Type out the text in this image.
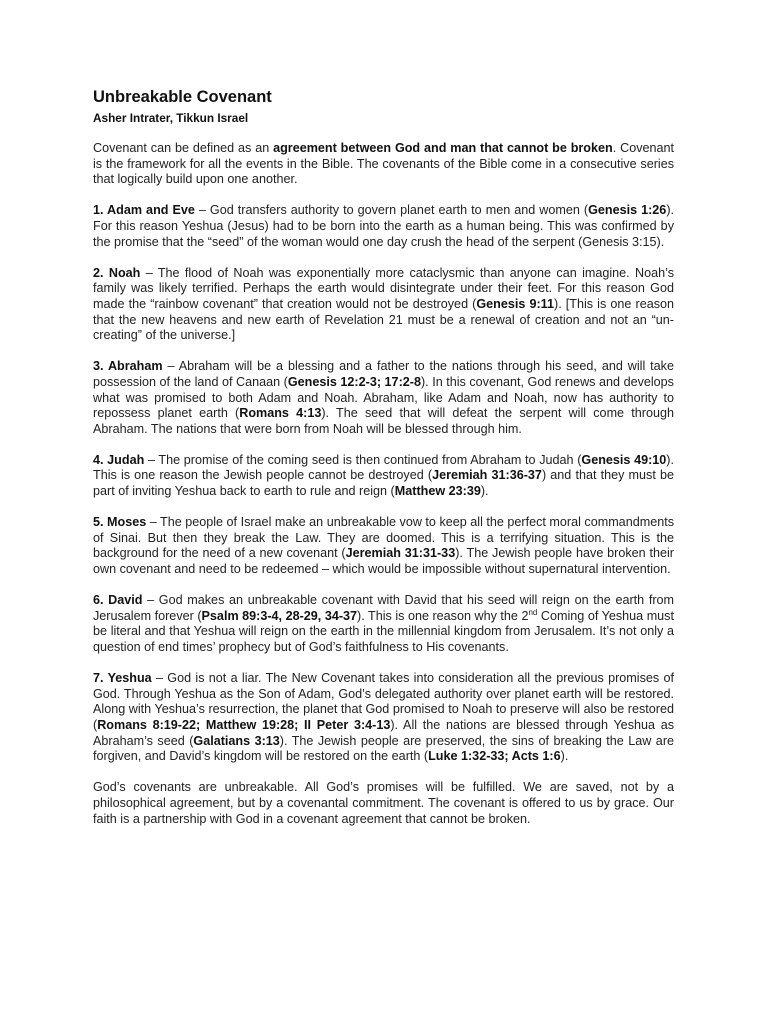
Unbreakable Covenant

Asher Intrater, Tikkun Israel

Covenant can be defined as an agreement between God and man that cannot be broken. Covenant is the framework for all the events in the Bible. The covenants of the Bible come in a consecutive series that logically build upon one another.

1. Adam and Eve – God transfers authority to govern planet earth to men and women (Genesis 1:26). For this reason Yeshua (Jesus) had to be born into the earth as a human being. This was confirmed by the promise that the “seed” of the woman would one day crush the head of the serpent (Genesis 3:15).

2. Noah – The flood of Noah was exponentially more cataclysmic than anyone can imagine. Noah’s family was likely terrified. Perhaps the earth would disintegrate under their feet. For this reason God made the “rainbow covenant” that creation would not be destroyed (Genesis 9:11). [This is one reason that the new heavens and new earth of Revelation 21 must be a renewal of creation and not an “un-creating” of the universe.]

3. Abraham – Abraham will be a blessing and a father to the nations through his seed, and will take possession of the land of Canaan (Genesis 12:2-3; 17:2-8). In this covenant, God renews and develops what was promised to both Adam and Noah. Abraham, like Adam and Noah, now has authority to repossess planet earth (Romans 4:13). The seed that will defeat the serpent will come through Abraham. The nations that were born from Noah will be blessed through him.

4. Judah – The promise of the coming seed is then continued from Abraham to Judah (Genesis 49:10). This is one reason the Jewish people cannot be destroyed (Jeremiah 31:36-37) and that they must be part of inviting Yeshua back to earth to rule and reign (Matthew 23:39).

5. Moses – The people of Israel make an unbreakable vow to keep all the perfect moral commandments of Sinai. But then they break the Law. They are doomed. This is a terrifying situation. This is the background for the need of a new covenant (Jeremiah 31:31-33). The Jewish people have broken their own covenant and need to be redeemed – which would be impossible without supernatural intervention.

6. David – God makes an unbreakable covenant with David that his seed will reign on the earth from Jerusalem forever (Psalm 89:3-4, 28-29, 34-37). This is one reason why the 2nd Coming of Yeshua must be literal and that Yeshua will reign on the earth in the millennial kingdom from Jerusalem. It’s not only a question of end times’ prophecy but of God’s faithfulness to His covenants.

7. Yeshua – God is not a liar. The New Covenant takes into consideration all the previous promises of God. Through Yeshua as the Son of Adam, God’s delegated authority over planet earth will be restored. Along with Yeshua’s resurrection, the planet that God promised to Noah to preserve will also be restored (Romans 8:19-22; Matthew 19:28; II Peter 3:4-13). All the nations are blessed through Yeshua as Abraham’s seed (Galatians 3:13). The Jewish people are preserved, the sins of breaking the Law are forgiven, and David’s kingdom will be restored on the earth (Luke 1:32-33; Acts 1:6).

God’s covenants are unbreakable. All God’s promises will be fulfilled. We are saved, not by a philosophical agreement, but by a covenantal commitment. The covenant is offered to us by grace. Our faith is a partnership with God in a covenant agreement that cannot be broken.
